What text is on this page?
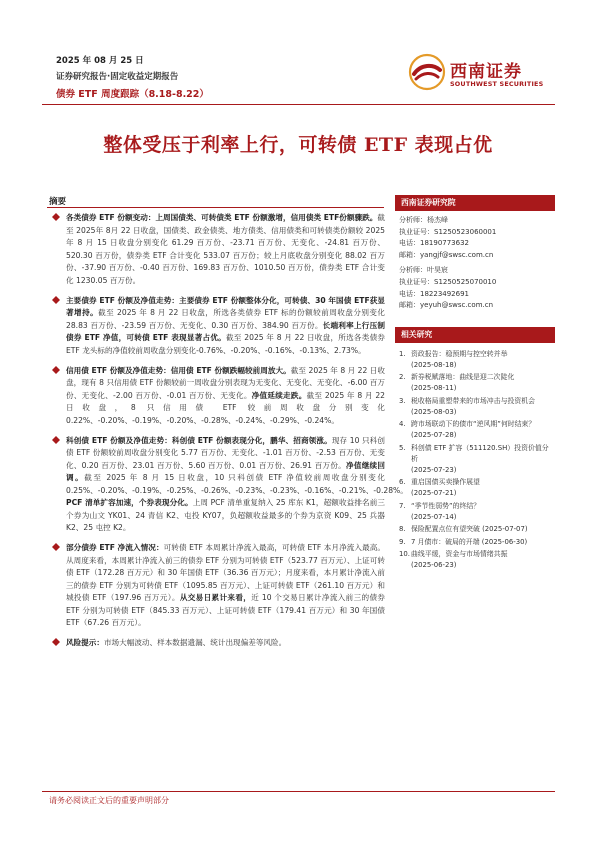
2025 年 08 月 25 日
证券研究报告·固定收益定期报告
债券 ETF 周度跟踪（8.18-8.22）
西南证券
SOUTHWEST SECURITIES
整体受压于利率上行，可转债 ETF 表现占优
摘要
各类债券 ETF 份额变动：上周国债类、可转债类 ETF 份额激增，信用债类 ETF份额骤跌。截至 2025年 8月 22 日收盘，国债类、政金债类、地方债类、信用债类和可转债类份额较 2025 年 8 月 15 日收盘分别变化 61.29 百万份、-23.71 百万份、无变化、-24.81 百万份、520.30 百万份，债券类 ETF 合计变化 533.07 百万份；较上月底收盘分别变化 88.02 百万份、-37.90 百万份、-0.40 百万份、169.83 百万份、1010.50 百万份，债券类 ETF 合计变化 1230.05 百万份。
主要债券 ETF 份额及净值走势：主要债券 ETF 份额整体分化，可转债、30 年国债 ETF获显著增持。截至 2025 年 8 月 22 日收盘，所选各类债券 ETF 标的份额较前周收盘分别变化 28.83 百万份、-23.59 百万份、无变化、0.30 百万份、384.90 百万份。长端利率上行压制债券 ETF 净值，可转债 ETF 表现显著占优。截至 2025 年 8 月 22 日收盘，所选各类债券 ETF 龙头标的净值较前周收盘分别变化-0.76%、-0.20%、-0.16%、-0.13%、2.73%。
信用债 ETF 份额及净值走势：信用债 ETF 份额跌幅较前周放大。截至 2025 年 8 月 22 日收盘，现有 8 只信用债 ETF 份额较前一周收盘分别表现为无变化、无变化、无变化、-6.00 百万份、无变化、-2.00 百万份、-0.01 百万份、无变化。净值延续走跌。截至 2025 年 8 月 22 日收盘，8 只信用债 ETF 较前周收盘分别变化 0.22%、-0.20%、-0.19%、-0.20%、-0.28%、-0.24%、-0.29%、-0.24%。
科创债 ETF 份额及净值走势：科创债 ETF 份额表现分化，鹏华、招商领涨。现存 10 只科创债 ETF 份额较前周收盘分别变化 5.77 百万份、无变化、-1.01 百万份、-2.53 百万份、无变化、0.20 百万份、23.01 百万份、5.60 百万份、0.01 百万份、26.91 百万份。净值继续回调。截至 2025 年 8 月 15 日收盘，10 只科创债 ETF 净值较前周收盘分别变化 0.25%、-0.20%、-0.19%、-0.25%、-0.26%、-0.23%、-0.23%、-0.16%、-0.21%、-0.28%。PCF 清单扩容加速，个券表现分化。上周 PCF 清单重复纳入 25 库东 K1，超额收益排名前三个券为山文 YK01、24 青信 K2、屯投 KY07，负超额收益最多的个券为京资 K09、25 兵器 K2、25 屯控 K2。
部分债券 ETF 净流入情况：可转债 ETF 本周累计净流入最高，可转债 ETF 本月净流入最高。从周度来看，本周累计净流入前三的债券 ETF 分别为可转债 ETF（523.77 百万元）、上证可转债 ETF（172.28 百万元）和 30 年国债 ETF（36.36 百万元）；月度来看，本月累计净流入前三的债券 ETF 分别为可转债 ETF（1095.85 百万元）、上证可转债 ETF（261.10 百万元）和城投债 ETF（197.96 百万元）。从交易日累计来看，近 10 个交易日累计净流入前三的债券 ETF 分别为可转债 ETF（845.33 百万元）、上证可转债 ETF（179.41 百万元）和 30 年国债 ETF（67.26 百万元）。
风险提示：市场大幅波动、样本数据遗漏、统计出现偏差等风险。
西南证券研究院
分析师：杨杰峰
执业证号：S1250523060001
电话：18190773632
邮箱：yangjf@swsc.com.cn
分析师：叶昊宸
执业证号：S1250525070010
电话：18223492691
邮箱：yeyuh@swsc.com.cn
相关研究
1. 资政报告：稳预期与控空转并举
(2025-08-18)
2. 新券税赋落地：曲线是迎二次陡化
(2025-08-11)
3. 税收格局重塑带来的市场冲击与投资机会
(2025-08-03)
4. 跨市场联动下的债市“逆风期”何时结束？
(2025-07-28)
5. 科创债 ETF 扩容（511120.SH）投资价值分析
(2025-07-23)
6. 重启国债买卖操作展望
(2025-07-21)
7. “季节性弱势”的终结？
(2025-07-14)
8. 保险配置点位有望突破 (2025-07-07)
9. 7 月债市：破局的开端 (2025-06-30)
10. 曲线平缓，资金与市场情绪共振
(2025-06-23)
请务必阅读正文后的重要声明部分
